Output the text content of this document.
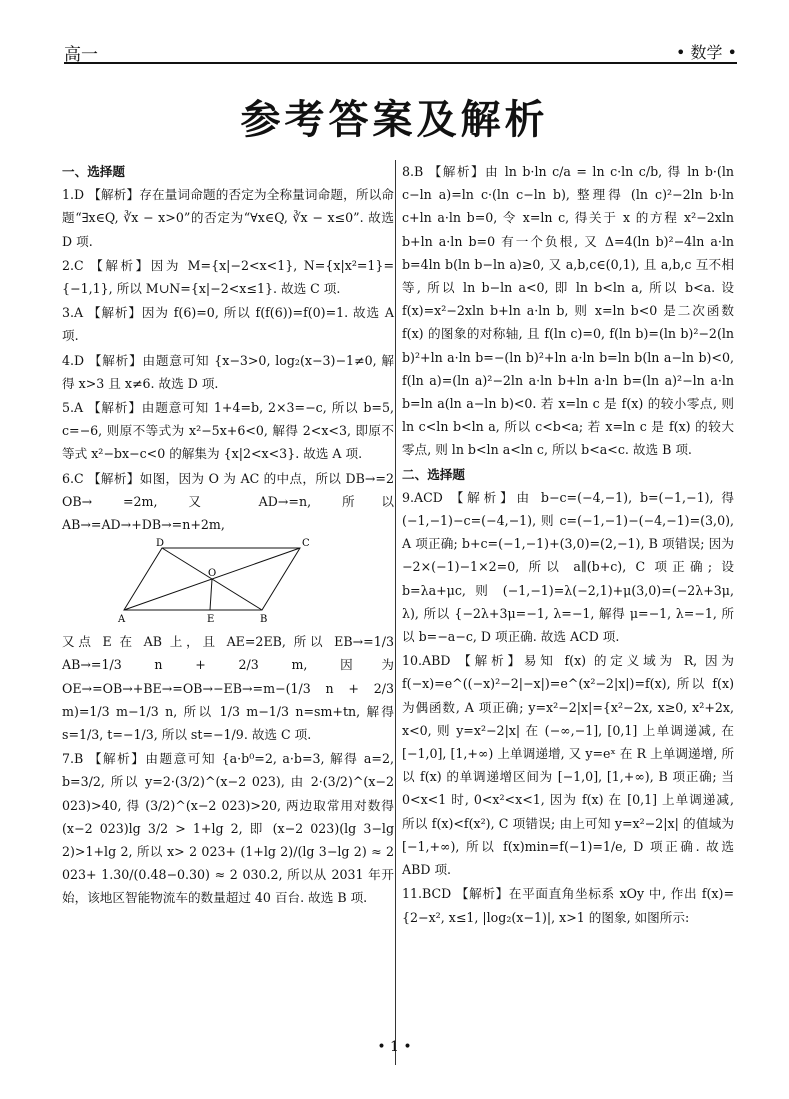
高一	• 数学 •
参考答案及解析
一、选择题

1.D 【解析】存在量词命题的否定为全称量词命题，所以命题“∃x∈Q, ∛x − x>0”的否定为“∀x∈Q, ∛x − x≤0”. 故选 D 项.

2.C 【解析】因为 M={x|−2<x<1}, N={x|x²=1}={−1,1}, 所以 M∪N={x|−2<x≤1}. 故选 C 项.

3.A 【解析】因为 f(6)=0, 所以 f(f(6))=f(0)=1. 故选 A 项.

4.D 【解析】由题意可知 {x−3>0, log₂(x−3)−1≠0, 解得 x>3 且 x≠6. 故选 D 项.

5.A 【解析】由题意可知 1+4=b, 2×3=−c, 所以 b=5, c=−6, 则原不等式为 x²−5x+6<0, 解得 2<x<3, 即原不等式 x²−bx−c<0 的解集为 {x|2<x<3}. 故选 A 项.

6.C 【解析】如图，因为 O 为 AC 的中点，所以 DB→=2 OB→ =2m, 又 AD→=n, 所以 AB→=AD→+DB→=n+2m,

D	C
O
A	E	B

又点 E 在 AB 上，且 AE=2EB, 所以 EB→=1/3 AB→=1/3 n + 2/3 m, 因为 OE→=OB→+BE→=OB→−EB→=m−(1/3 n + 2/3 m)=1/3 m−1/3 n, 所以 1/3 m−1/3 n=sm+tn, 解得 s=1/3, t=−1/3, 所以 st=−1/9. 故选 C 项.

7.B 【解析】由题意可知 {a·b⁰=2, a·b=3, 解得 a=2, b=3/2, 所以 y=2·(3/2)^(x−2 023), 由 2·(3/2)^(x−2 023)>40, 得 (3/2)^(x−2 023)>20, 两边取常用对数得 (x−2 023)lg 3/2 > 1+lg 2, 即 (x−2 023)(lg 3−lg 2)>1+lg 2, 所以 x> 2 023+ (1+lg 2)/(lg 3−lg 2) ≈ 2 023+ 1.30/(0.48−0.30) ≈ 2 030.2, 所以从 2031 年开始，该地区智能物流车的数量超过 40 百台. 故选 B 项.

8.B 【解析】由 ln b·ln c/a = ln c·ln c/b, 得 ln b·(ln c−ln a)=ln c·(ln c−ln b), 整理得 (ln c)²−2ln b·ln c+ln a·ln b=0, 令 x=ln c, 得关于 x 的方程 x²−2xln b+ln a·ln b=0 有一个负根, 又 Δ=4(ln b)²−4ln a·ln b=4ln b(ln b−ln a)≥0, 又 a,b,c∈(0,1), 且 a,b,c 互不相等, 所以 ln b−ln a<0, 即 ln b<ln a, 所以 b<a. 设 f(x)=x²−2xln b+ln a·ln b, 则 x=ln b<0 是二次函数 f(x) 的图象的对称轴, 且 f(ln c)=0, f(ln b)=(ln b)²−2(ln b)²+ln a·ln b=−(ln b)²+ln a·ln b=ln b(ln a−ln b)<0, f(ln a)=(ln a)²−2ln a·ln b+ln a·ln b=(ln a)²−ln a·ln b=ln a(ln a−ln b)<0. 若 x=ln c 是 f(x) 的较小零点, 则 ln c<ln b<ln a, 所以 c<b<a; 若 x=ln c 是 f(x) 的较大零点, 则 ln b<ln a<ln c, 所以 b<a<c. 故选 B 项.

二、选择题

9.ACD 【解析】由 b−c=(−4,−1), b=(−1,−1), 得 (−1,−1)−c=(−4,−1), 则 c=(−1,−1)−(−4,−1)=(3,0), A 项正确; b+c=(−1,−1)+(3,0)=(2,−1), B 项错误; 因为 −2×(−1)−1×2=0, 所以 a∥(b+c), C 项正确; 设 b=λa+μc, 则 (−1,−1)=λ(−2,1)+μ(3,0)=(−2λ+3μ, λ), 所以 {−2λ+3μ=−1, λ=−1, 解得 μ=−1, λ=−1, 所以 b=−a−c, D 项正确. 故选 ACD 项.

10.ABD 【解析】易知 f(x) 的定义域为 R, 因为 f(−x)=e^((−x)²−2|−x|)=e^(x²−2|x|)=f(x), 所以 f(x) 为偶函数, A 项正确; y=x²−2|x|={x²−2x, x≥0, x²+2x, x<0, 则 y=x²−2|x| 在 (−∞,−1], [0,1] 上单调递减, 在 [−1,0], [1,+∞) 上单调递增, 又 y=eˣ 在 R 上单调递增, 所以 f(x) 的单调递增区间为 [−1,0], [1,+∞), B 项正确; 当 0<x<1 时, 0<x²<x<1, 因为 f(x) 在 [0,1] 上单调递减, 所以 f(x)<f(x²), C 项错误; 由上可知 y=x²−2|x| 的值域为 [−1,+∞), 所以 f(x)min=f(−1)=1/e, D 项正确. 故选 ABD 项.

11.BCD 【解析】在平面直角坐标系 xOy 中, 作出 f(x)={2−x², x≤1, |log₂(x−1)|, x>1 的图象, 如图所示:

• 1 •
